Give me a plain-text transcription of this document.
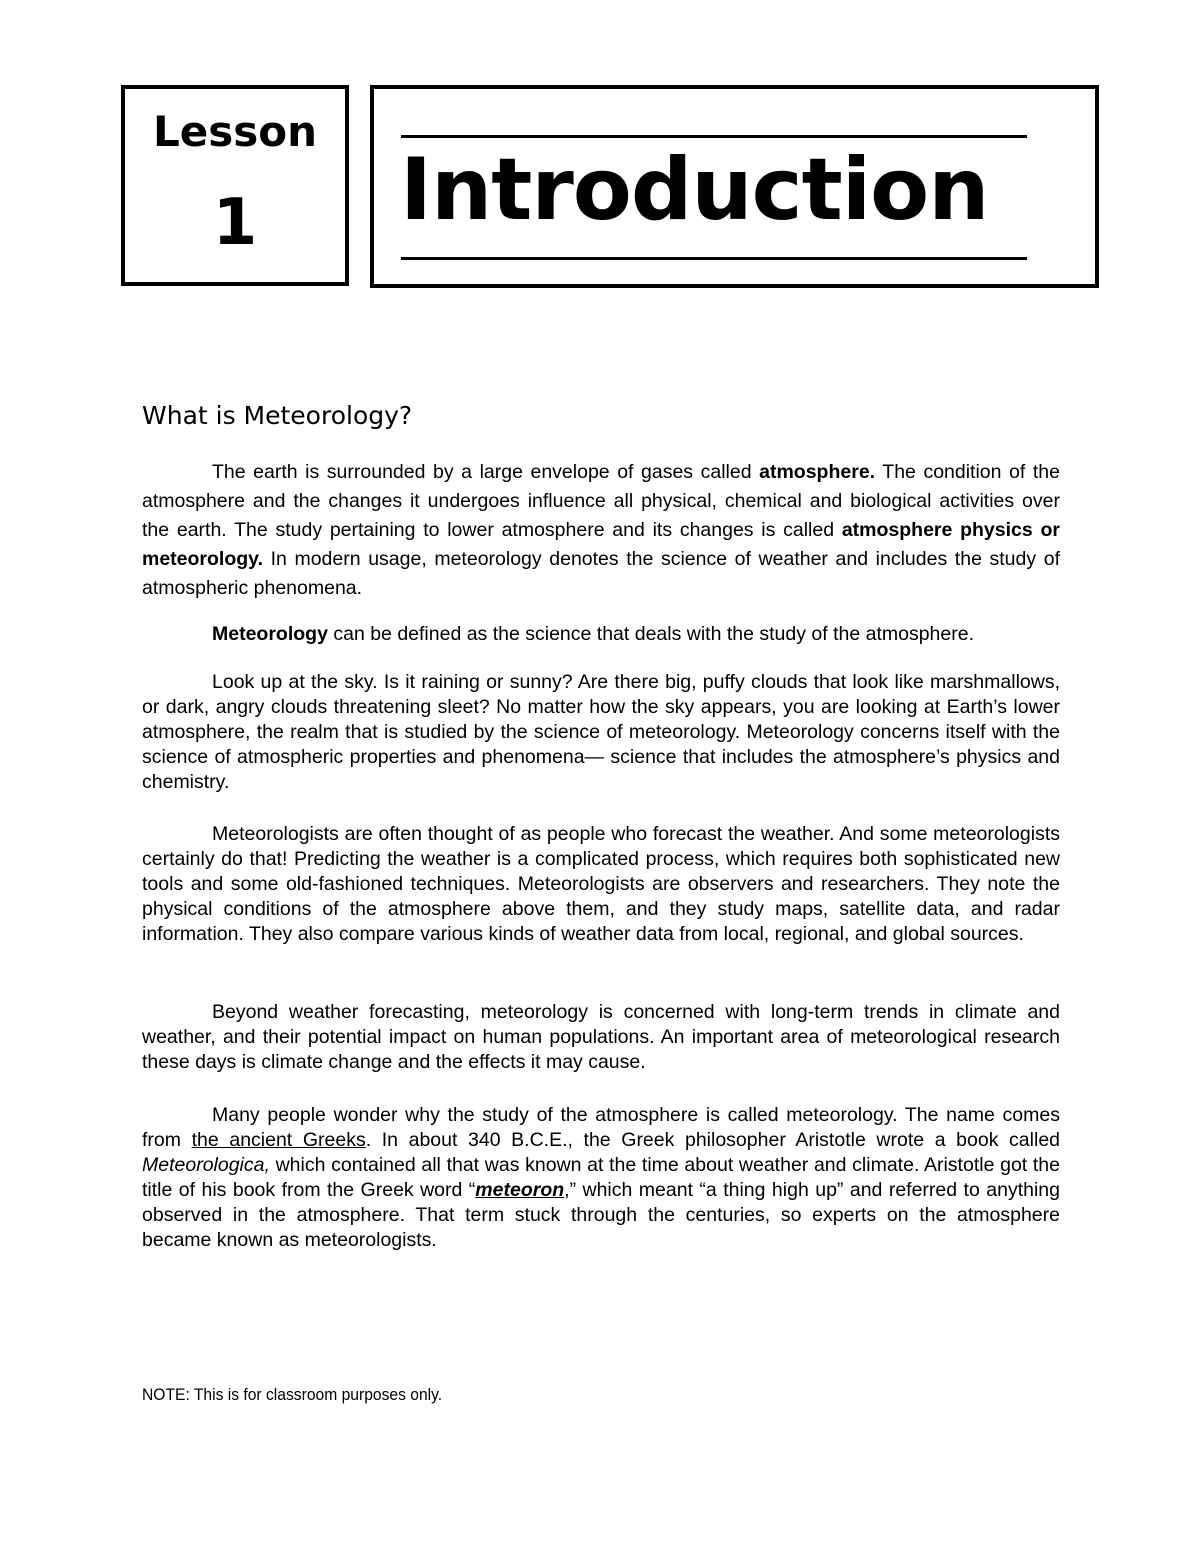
Lesson
1	Introduction
What is Meteorology?

The earth is surrounded by a large envelope of gases called atmosphere. The condition of the atmosphere and the changes it undergoes influence all physical, chemical and biological activities over the earth. The study pertaining to lower atmosphere and its changes is called atmosphere physics or meteorology. In modern usage, meteorology denotes the science of weather and includes the study of atmospheric phenomena.

Meteorology can be defined as the science that deals with the study of the atmosphere.

Look up at the sky. Is it raining or sunny? Are there big, puffy clouds that look like marshmallows, or dark, angry clouds threatening sleet? No matter how the sky appears, you are looking at Earth’s lower atmosphere, the realm that is studied by the science of meteorology. Meteorology concerns itself with the science of atmospheric properties and phenomena— science that includes the atmosphere’s physics and chemistry.

Meteorologists are often thought of as people who forecast the weather. And some meteorologists certainly do that! Predicting the weather is a complicated process, which requires both sophisticated new tools and some old-fashioned techniques. Meteorologists are observers and researchers. They note the physical conditions of the atmosphere above them, and they study maps, satellite data, and radar information. They also compare various kinds of weather data from local, regional, and global sources.

Beyond weather forecasting, meteorology is concerned with long-term trends in climate and weather, and their potential impact on human populations. An important area of meteorological research these days is climate change and the effects it may cause.

Many people wonder why the study of the atmosphere is called meteorology. The name comes from the ancient Greeks. In about 340 B.C.E., the Greek philosopher Aristotle wrote a book called Meteorologica, which contained all that was known at the time about weather and climate. Aristotle got the title of his book from the Greek word “meteoron,” which meant “a thing high up” and referred to anything observed in the atmosphere. That term stuck through the centuries, so experts on the atmosphere became known as meteorologists.

NOTE: This is for classroom purposes only.
